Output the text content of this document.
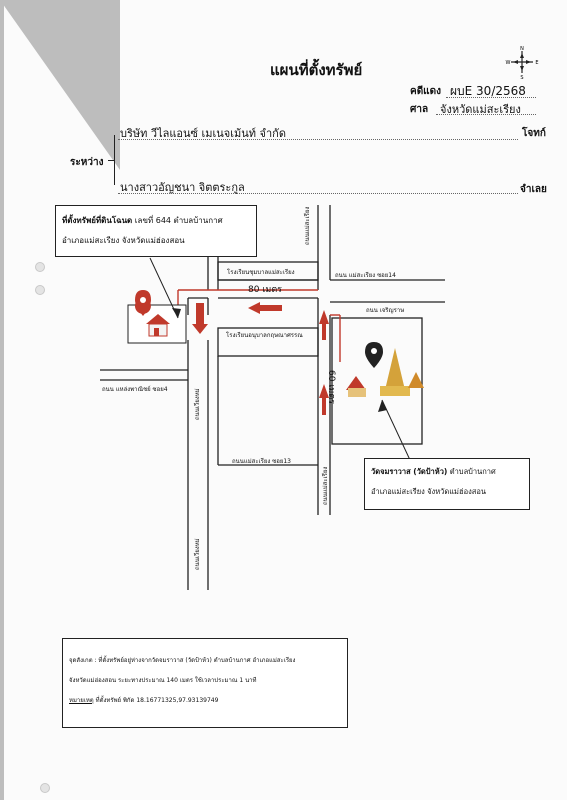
แผนที่ตั้งทรัพย์
N
S
W	E
คดีแดง ผบE 30/2568
ศาล จังหวัดแม่สะเรียง
บริษัท วีไลแอนซ์ เมเนจเม้นท์ จำกัด	โจทก์
ระหว่าง
นางสาวอัญชนา จิตตระกูล	จำเลย
ถนนแม่สะเรียง
ถนน แม่สะเรียง ซอย14
ถนน เจริญราษ
โรงเรียนชุมบาลแม่สะเรียง
80 เมตร
โรงเรียนอนุบาลกฤษณาศรรณ
60 เมตร
ถนน แหล่งพาณิชย์ ซอย4	ถนนเวียงหม่
ถนนแม่สะเรียง ซอย13
ถนนแม่สะเรียง
ถนนเวียงหม่
ที่ตั้งทรัพย์ที่ดินโฉนด เลขที่ 644 ตำบลบ้านกาศ
อำเภอแม่สะเรียง จังหวัดแม่ฮ่องสอน
วัดจมราวาส (วัดป้าห้ว) ตำบลบ้านกาศ
อำเภอแม่สะเรียง จังหวัดแม่ฮ่องสอน
จุดสังเกต : ที่ตั้งทรัพย์อยู่ห่างจากวัดจมราวาส (วัดป้าห้ว) ตำบลบ้านกาศ อำเภอแม่สะเรียง
จังหวัดแม่ฮ่องสอน ระยะทางประมาณ 140 เมตร ใช้เวลาประมาณ 1 นาที
หมายเหตุ ที่ตั้งทรัพย์ พิกัด 18.16771325,97.93139749
